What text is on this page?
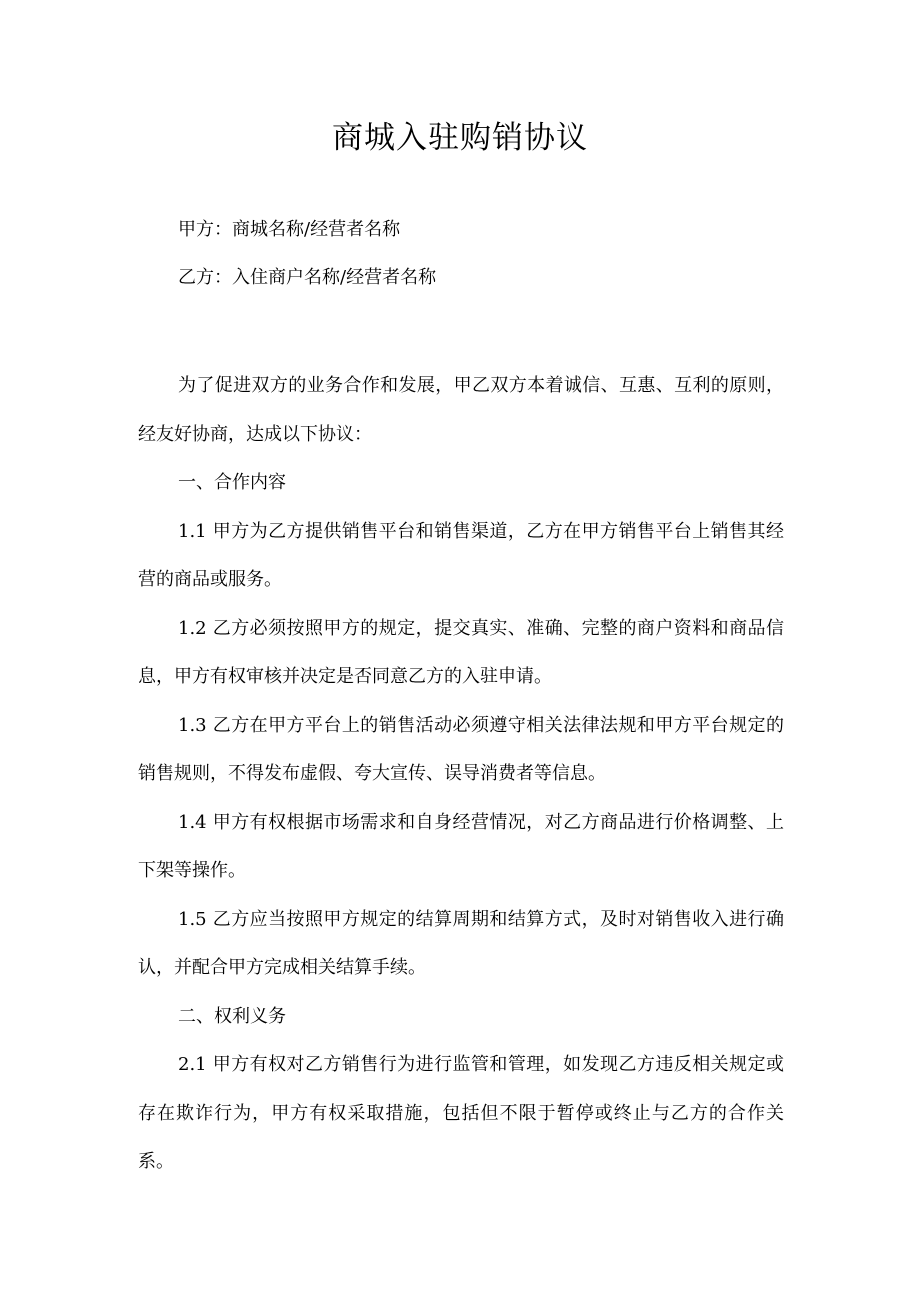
商城入驻购销协议
甲方：商城名称/经营者名称
乙方：入住商户名称/经营者名称

为了促进双方的业务合作和发展，甲乙双方本着诚信、互惠、互利的原则，经友好协商，达成以下协议：

一、合作内容

1.1 甲方为乙方提供销售平台和销售渠道，乙方在甲方销售平台上销售其经营的商品或服务。

1.2 乙方必须按照甲方的规定，提交真实、准确、完整的商户资料和商品信息，甲方有权审核并决定是否同意乙方的入驻申请。

1.3 乙方在甲方平台上的销售活动必须遵守相关法律法规和甲方平台规定的销售规则，不得发布虚假、夸大宣传、误导消费者等信息。

1.4 甲方有权根据市场需求和自身经营情况，对乙方商品进行价格调整、上下架等操作。

1.5 乙方应当按照甲方规定的结算周期和结算方式，及时对销售收入进行确认，并配合甲方完成相关结算手续。

二、权利义务

2.1 甲方有权对乙方销售行为进行监管和管理，如发现乙方违反相关规定或存在欺诈行为，甲方有权采取措施，包括但不限于暂停或终止与乙方的合作关系。
